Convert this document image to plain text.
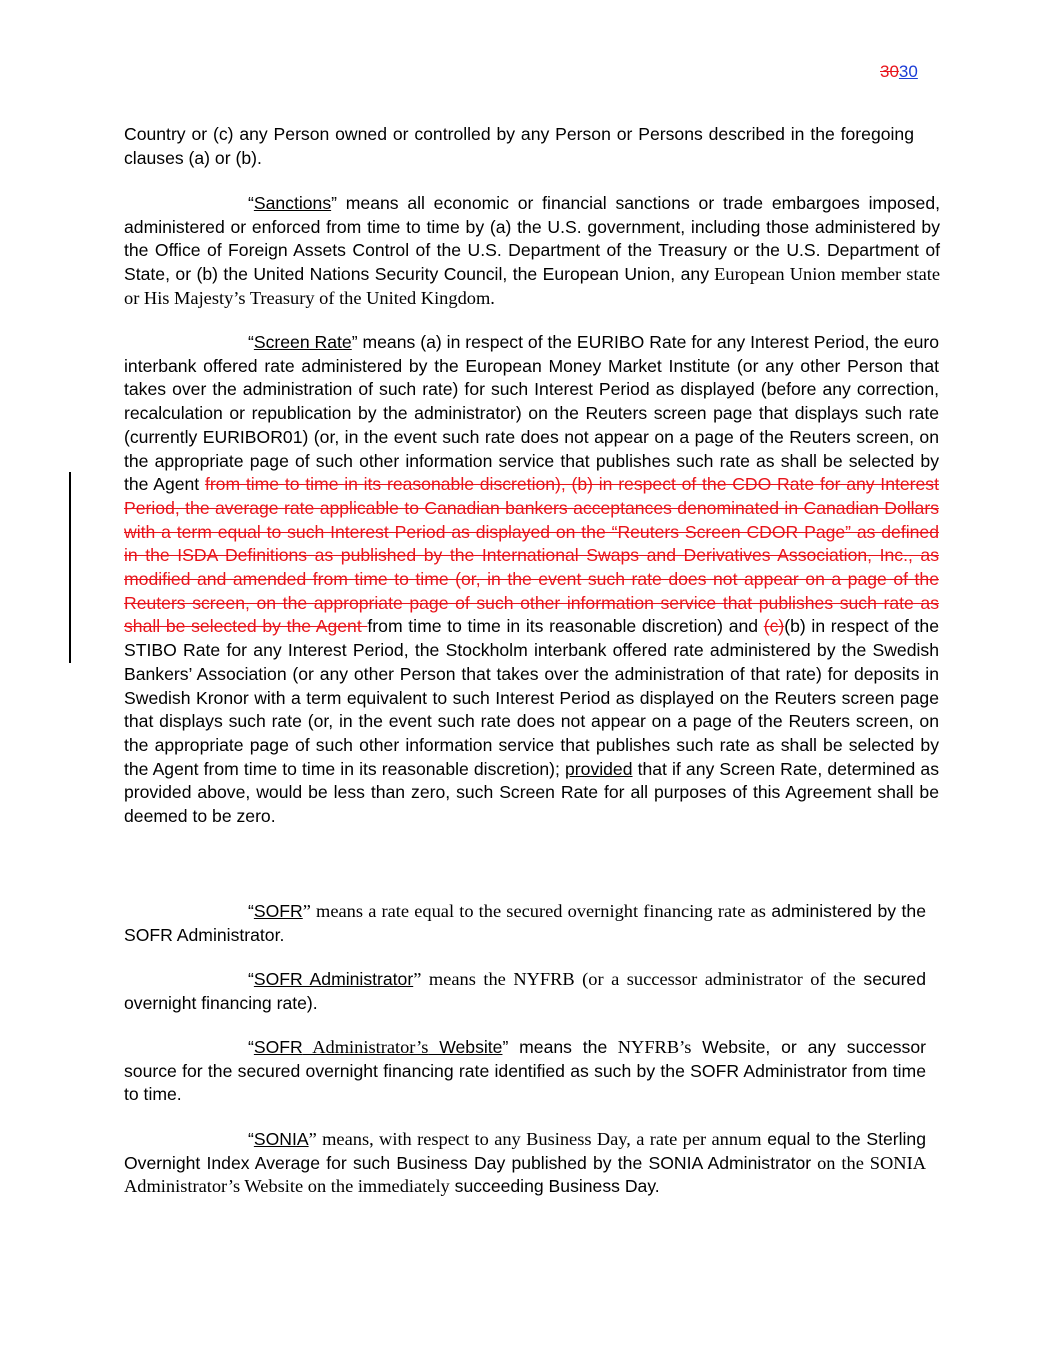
3030

Country or (c) any Person owned or controlled by any Person or Persons described in the foregoing clauses (a) or (b).

“Sanctions” means all economic or financial sanctions or trade embargoes imposed, administered or enforced from time to time by (a) the U.S. government, including those administered by the Office of Foreign Assets Control of the U.S. Department of the Treasury or the U.S. Department of State, or (b) the United Nations Security Council, the European Union, any European Union member state or His Majesty’s Treasury of the United Kingdom.

“Screen Rate” means (a) in respect of the EURIBO Rate for any Interest Period, the euro interbank offered rate administered by the European Money Market Institute (or any other Person that takes over the administration of such rate) for such Interest Period as displayed (before any correction, recalculation or republication by the administrator) on the Reuters screen page that displays such rate (currently EURIBOR01) (or, in the event such rate does not appear on a page of the Reuters screen, on the appropriate page of such other information service that publishes such rate as shall be selected by the Agent from time to time in its reasonable discretion), (b) in respect of the CDO Rate for any Interest Period, the average rate applicable to Canadian bankers acceptances denominated in Canadian Dollars with a term equal to such Interest Period as displayed on the “Reuters Screen CDOR Page” as defined in the ISDA Definitions as published by the International Swaps and Derivatives Association, Inc., as modified and amended from time to time (or, in the event such rate does not appear on a page of the Reuters screen, on the appropriate page of such other information service that publishes such rate as shall be selected by the Agent from time to time in its reasonable discretion) and (c)(b) in respect of the STIBO Rate for any Interest Period, the Stockholm interbank offered rate administered by the Swedish Bankers’ Association (or any other Person that takes over the administration of that rate) for deposits in Swedish Kronor with a term equivalent to such Interest Period as displayed on the Reuters screen page that displays such rate (or, in the event such rate does not appear on a page of the Reuters screen, on the appropriate page of such other information service that publishes such rate as shall be selected by the Agent from time to time in its reasonable discretion); provided that if any Screen Rate, determined as provided above, would be less than zero, such Screen Rate for all purposes of this Agreement shall be deemed to be zero.

“SOFR” means a rate equal to the secured overnight financing rate as administered by the SOFR Administrator.

“SOFR Administrator” means the NYFRB (or a successor administrator of the secured overnight financing rate).

“SOFR Administrator’s Website” means the NYFRB’s Website, or any successor source for the secured overnight financing rate identified as such by the SOFR Administrator from time to time.

“SONIA” means, with respect to any Business Day, a rate per annum equal to the Sterling Overnight Index Average for such Business Day published by the SONIA Administrator on the SONIA Administrator’s Website on the immediately succeeding Business Day.
